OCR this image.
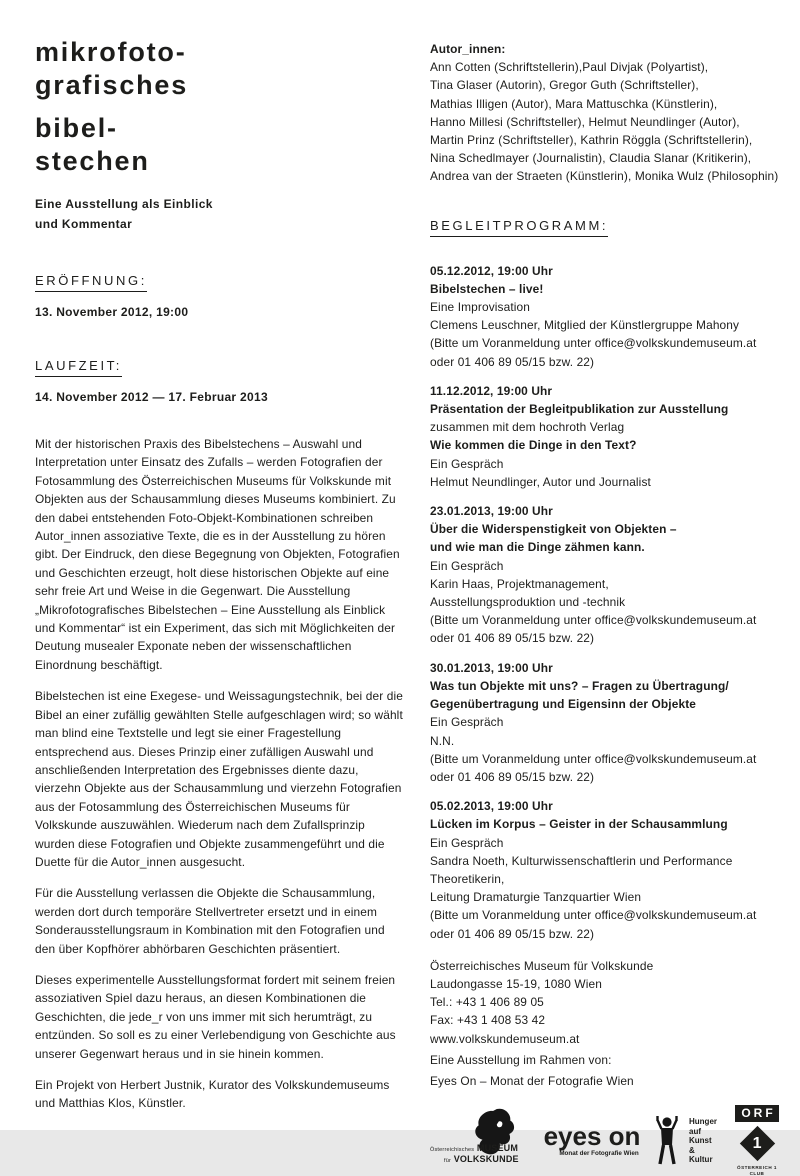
mikrofoto-
grafisches
bibel-
stechen
Eine Ausstellung als Einblick
und Kommentar
ERÖFFNUNG:
13. November 2012, 19:00
LAUFZEIT:
14. November 2012 — 17. Februar 2013

Mit der historischen Praxis des Bibelstechens – Auswahl und Interpretation unter Einsatz des Zufalls – werden Fotografien der Fotosammlung des Österreichischen Museums für Volkskunde mit Objekten aus der Schausammlung dieses Museums kombiniert. Zu den dabei entstehenden Foto-Objekt-Kombinationen schreiben Autor_innen assoziative Texte, die es in der Ausstellung zu hören gibt. Der Eindruck, den diese Begegnung von Objekten, Fotografien und Geschichten erzeugt, holt diese historischen Objekte auf eine sehr freie Art und Weise in die Gegenwart. Die Ausstellung „Mikrofotografisches Bibelstechen – Eine Ausstellung als Einblick und Kommentar“ ist ein Experiment, das sich mit Möglichkeiten der Deutung musealer Exponate neben der wissenschaftlichen Einordnung beschäftigt.

Bibelstechen ist eine Exegese- und Weissagungstechnik, bei der die Bibel an einer zufällig gewählten Stelle aufgeschlagen wird; so wählt man blind eine Textstelle und legt sie einer Fragestellung entsprechend aus. Dieses Prinzip einer zufälligen Auswahl und anschließenden Interpretation des Ergebnisses diente dazu, vierzehn Objekte aus der Schausammlung und vierzehn Fotografien aus der Fotosammlung des Österreichischen Museums für Volkskunde auszuwählen. Wiederum nach dem Zufallsprinzip wurden diese Fotografien und Objekte zusammengeführt und die Duette für die Autor_innen ausgesucht.

Für die Ausstellung verlassen die Objekte die Schausammlung, werden dort durch temporäre Stellvertreter ersetzt und in einem Sonderausstellungsraum in Kombination mit den Fotografien und den über Kopfhörer abhörbaren Geschichten präsentiert.

Dieses experimentelle Ausstellungsformat fordert mit seinem freien assoziativen Spiel dazu heraus, an diesen Kombinationen die Geschichten, die jede_r von uns immer mit sich herumträgt, zu entzünden. So soll es zu einer Verlebendigung von Geschichte aus unserer Gegenwart heraus und in sie hinein kommen.

Ein Projekt von Herbert Justnik, Kurator des Volkskundemuseums und Matthias Klos, Künstler.
Autor_innen:
Ann Cotten (Schriftstellerin),Paul Divjak (Polyartist),
Tina Glaser (Autorin), Gregor Guth (Schriftsteller),
Mathias Illigen (Autor), Mara Mattuschka (Künstlerin),
Hanno Millesi (Schriftsteller), Helmut Neundlinger (Autor),
Martin Prinz (Schriftsteller), Kathrin Röggla (Schriftstellerin),
Nina Schedlmayer (Journalistin), Claudia Slanar (Kritikerin),
Andrea van der Straeten (Künstlerin), Monika Wulz (Philosophin)
BEGLEITPROGRAMM:
05.12.2012, 19:00 Uhr
Bibelstechen – live!
Eine Improvisation
Clemens Leuschner, Mitglied der Künstlergruppe Mahony
(Bitte um Voranmeldung unter office@volkskundemuseum.at
oder 01 406 89 05/15 bzw. 22)
11.12.2012, 19:00 Uhr
Präsentation der Begleitpublikation zur Ausstellung
zusammen mit dem hochroth Verlag
Wie kommen die Dinge in den Text?
Ein Gespräch
Helmut Neundlinger, Autor und Journalist
23.01.2013, 19:00 Uhr
Über die Widerspenstigkeit von Objekten –
und wie man die Dinge zähmen kann.
Ein Gespräch
Karin Haas, Projektmanagement,
Ausstellungsproduktion und -technik
(Bitte um Voranmeldung unter office@volkskundemuseum.at
oder 01 406 89 05/15 bzw. 22)
30.01.2013, 19:00 Uhr
Was tun Objekte mit uns? – Fragen zu Übertragung/
Gegenübertragung und Eigensinn der Objekte
Ein Gespräch
N.N.
(Bitte um Voranmeldung unter office@volkskundemuseum.at
oder 01 406 89 05/15 bzw. 22)
05.02.2013, 19:00 Uhr
Lücken im Korpus – Geister in der Schausammlung
Ein Gespräch
Sandra Noeth, Kulturwissenschaftlerin und Performance Theoretikerin,
Leitung Dramaturgie Tanzquartier Wien
(Bitte um Voranmeldung unter office@volkskundemuseum.at
oder 01 406 89 05/15 bzw. 22)
Österreichisches Museum für Volkskunde
Laudongasse 15-19, 1080 Wien
Tel.: +43 1 406 89 05
Fax: +43 1 408 53 42
www.volkskundemuseum.at
Eine Ausstellung im Rahmen von:
Eyes On – Monat der Fotografie Wien
Österreichisches MUSEUM
für VOLKSKUNDE
eyes on
Monat der Fotografie Wien
Hunger
auf
Kunst
&
Kultur
ORF
1
ÖSTERREICH 1
CLUB
